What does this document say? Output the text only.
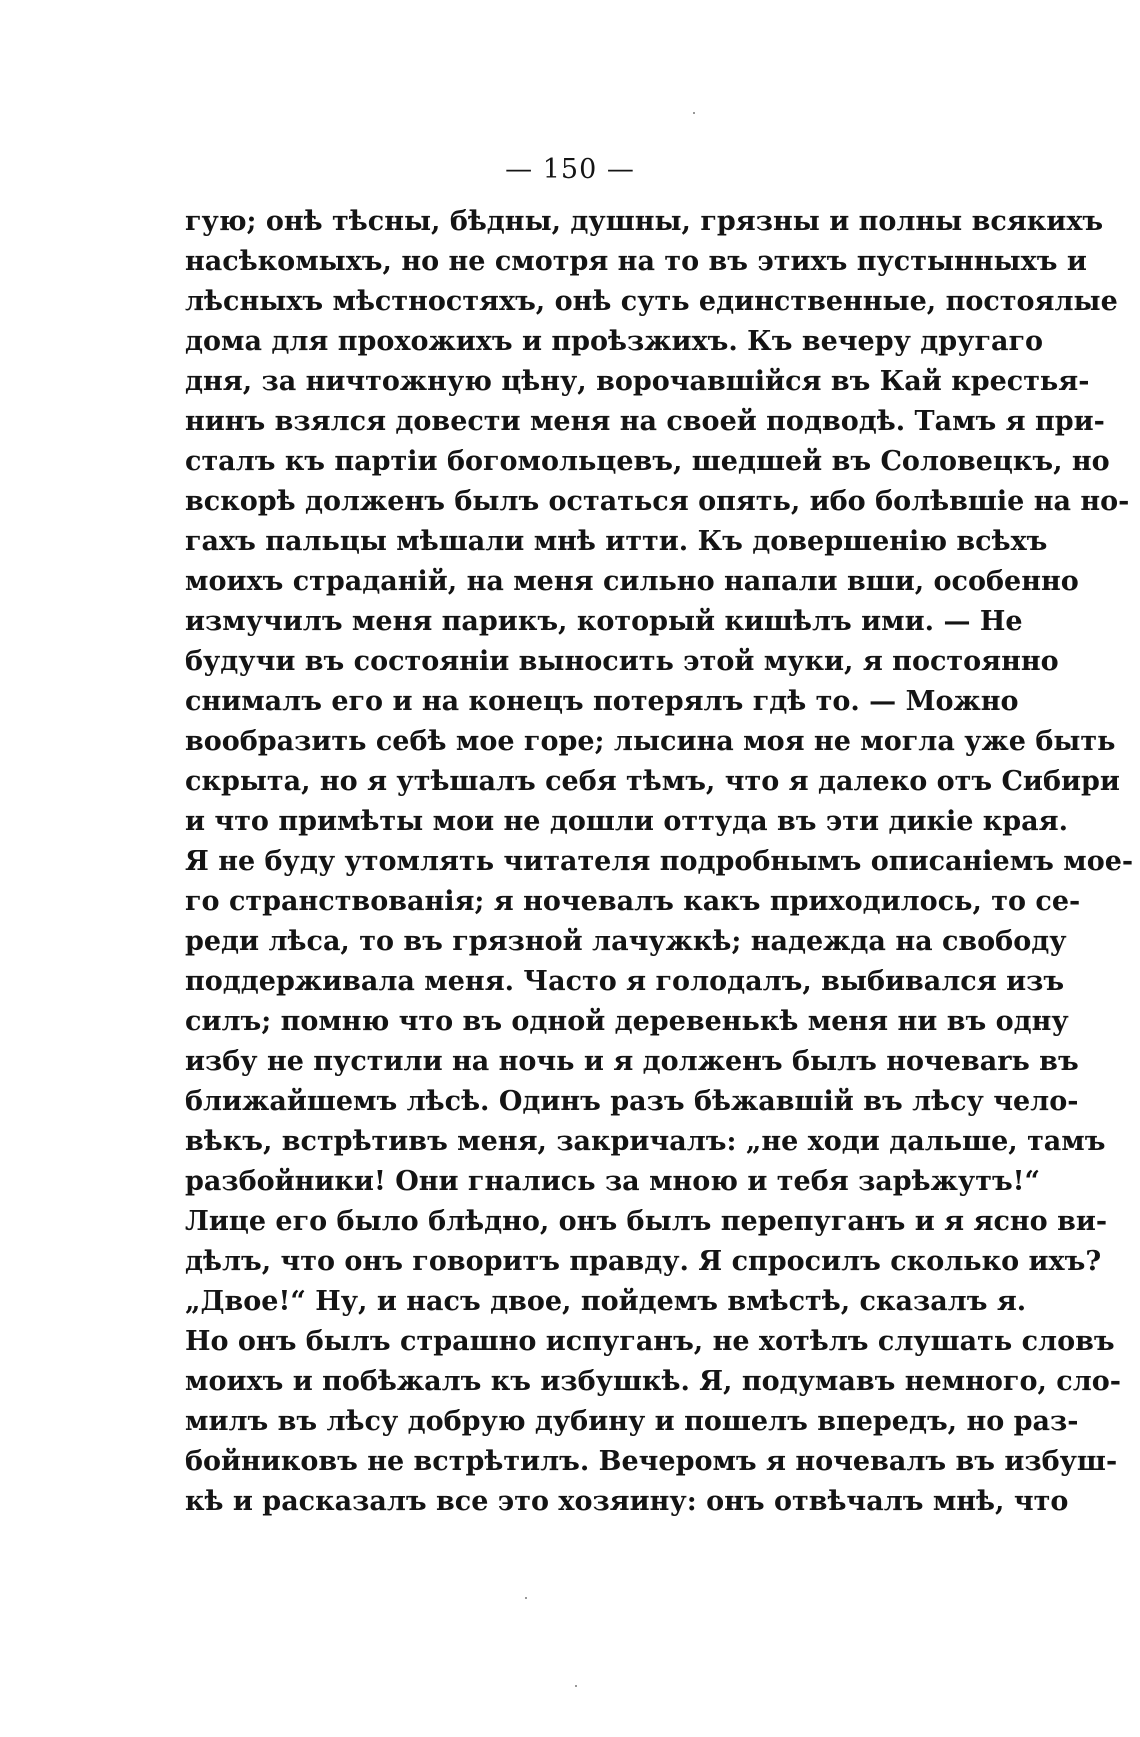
— 150 —
гую; онѣ тѣсны, бѣдны, душны, грязны и полны всякихъ
насѣкомыхъ, но не смотря на то въ этихъ пустынныхъ и
лѣсныхъ мѣстностяхъ, онѣ суть единственные, постоялые
дома для прохожихъ и проѣзжихъ. Къ вечеру другаго
дня, за ничтожную цѣну, ворочавшійся въ Кай крестья-
нинъ взялся довести меня на своей подводѣ. Тамъ я при-
сталъ къ партіи богомольцевъ, шедшей въ Соловецкъ, но
вскорѣ долженъ былъ остаться опять, ибо болѣвшіе на но-
гахъ пальцы мѣшали мнѣ итти. Къ довершенію всѣхъ
моихъ страданій, на меня сильно напали вши, особенно
измучилъ меня парикъ, который кишѣлъ ими. — Не
будучи въ состояніи выносить этой муки, я постоянно
снималъ его и на конецъ потерялъ гдѣ то. — Можно
вообразить себѣ мое горе; лысина моя не могла уже быть
скрыта, но я утѣшалъ себя тѣмъ, что я далеко отъ Сибири
и что примѣты мои не дошли оттуда въ эти дикіе края.
Я не буду утомлять читателя подробнымъ описаніемъ мое-
го странствованія; я ночевалъ какъ приходилось, то се-
реди лѣса, то въ грязной лачужкѣ; надежда на свободу
поддерживала меня. Часто я голодалъ, выбивался изъ
силъ; помню что въ одной деревенькѣ меня ни въ одну
избу не пустили на ночь и я долженъ былъ ночеваrь въ
ближайшемъ лѣсѣ. Одинъ разъ бѣжавшій въ лѣсу чело-
вѣкъ, встрѣтивъ меня, закричалъ: „не ходи дальше, тамъ
разбойники! Они гнались за мною и тебя зарѣжутъ!“
Лице его было блѣдно, онъ былъ перепуганъ и я ясно ви-
дѣлъ, что онъ говоритъ правду. Я спросилъ сколько ихъ?
„Двое!“ Ну, и насъ двое, пойдемъ вмѣстѣ, сказалъ я.
Но онъ былъ страшно испуганъ, не хотѣлъ слушать словъ
моихъ и побѣжалъ къ избушкѣ. Я, подумавъ немного, сло-
милъ въ лѣсу добрую дубину и пошелъ впередъ, но раз-
бойниковъ не встрѣтилъ. Вечеромъ я ночевалъ въ избуш-
кѣ и расказалъ все это хозяину: онъ отвѣчалъ мнѣ, что
